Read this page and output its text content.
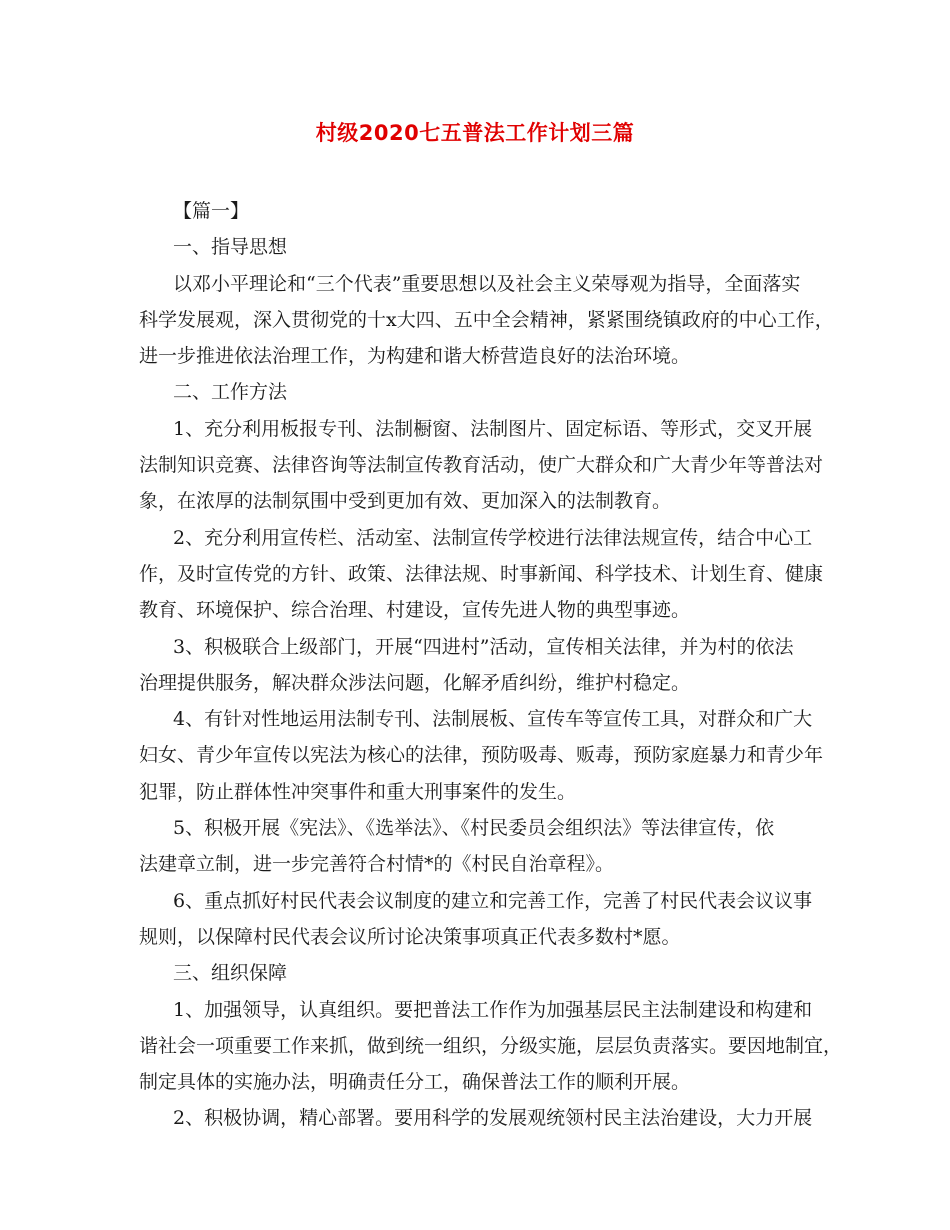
村级2020七五普法工作计划三篇
【篇一】
一、指导思想
以邓小平理论和“三个代表”重要思想以及社会主义荣辱观为指导，全面落实
科学发展观，深入贯彻党的十x大四、五中全会精神，紧紧围绕镇政府的中心工作，
进一步推进依法治理工作，为构建和谐大桥营造良好的法治环境。
二、工作方法
1、充分利用板报专刊、法制橱窗、法制图片、固定标语、等形式，交叉开展
法制知识竞赛、法律咨询等法制宣传教育活动，使广大群众和广大青少年等普法对
象，在浓厚的法制氛围中受到更加有效、更加深入的法制教育。
2、充分利用宣传栏、活动室、法制宣传学校进行法律法规宣传，结合中心工
作，及时宣传党的方针、政策、法律法规、时事新闻、科学技术、计划生育、健康
教育、环境保护、综合治理、村建设，宣传先进人物的典型事迹。
3、积极联合上级部门，开展“四进村”活动，宣传相关法律，并为村的依法
治理提供服务，解决群众涉法问题，化解矛盾纠纷，维护村稳定。
4、有针对性地运用法制专刊、法制展板、宣传车等宣传工具，对群众和广大
妇女、青少年宣传以宪法为核心的法律，预防吸毒、贩毒，预防家庭暴力和青少年
犯罪，防止群体性冲突事件和重大刑事案件的发生。
5、积极开展《宪法》、《选举法》、《村民委员会组织法》等法律宣传，依
法建章立制，进一步完善符合村情*的《村民自治章程》。
6、重点抓好村民代表会议制度的建立和完善工作，完善了村民代表会议议事
规则，以保障村民代表会议所讨论决策事项真正代表多数村*愿。
三、组织保障
1、加强领导，认真组织。要把普法工作作为加强基层民主法制建设和构建和
谐社会一项重要工作来抓，做到统一组织，分级实施，层层负责落实。要因地制宜，
制定具体的实施办法，明确责任分工，确保普法工作的顺利开展。
2、积极协调，精心部署。要用科学的发展观统领村民主法治建设，大力开展
